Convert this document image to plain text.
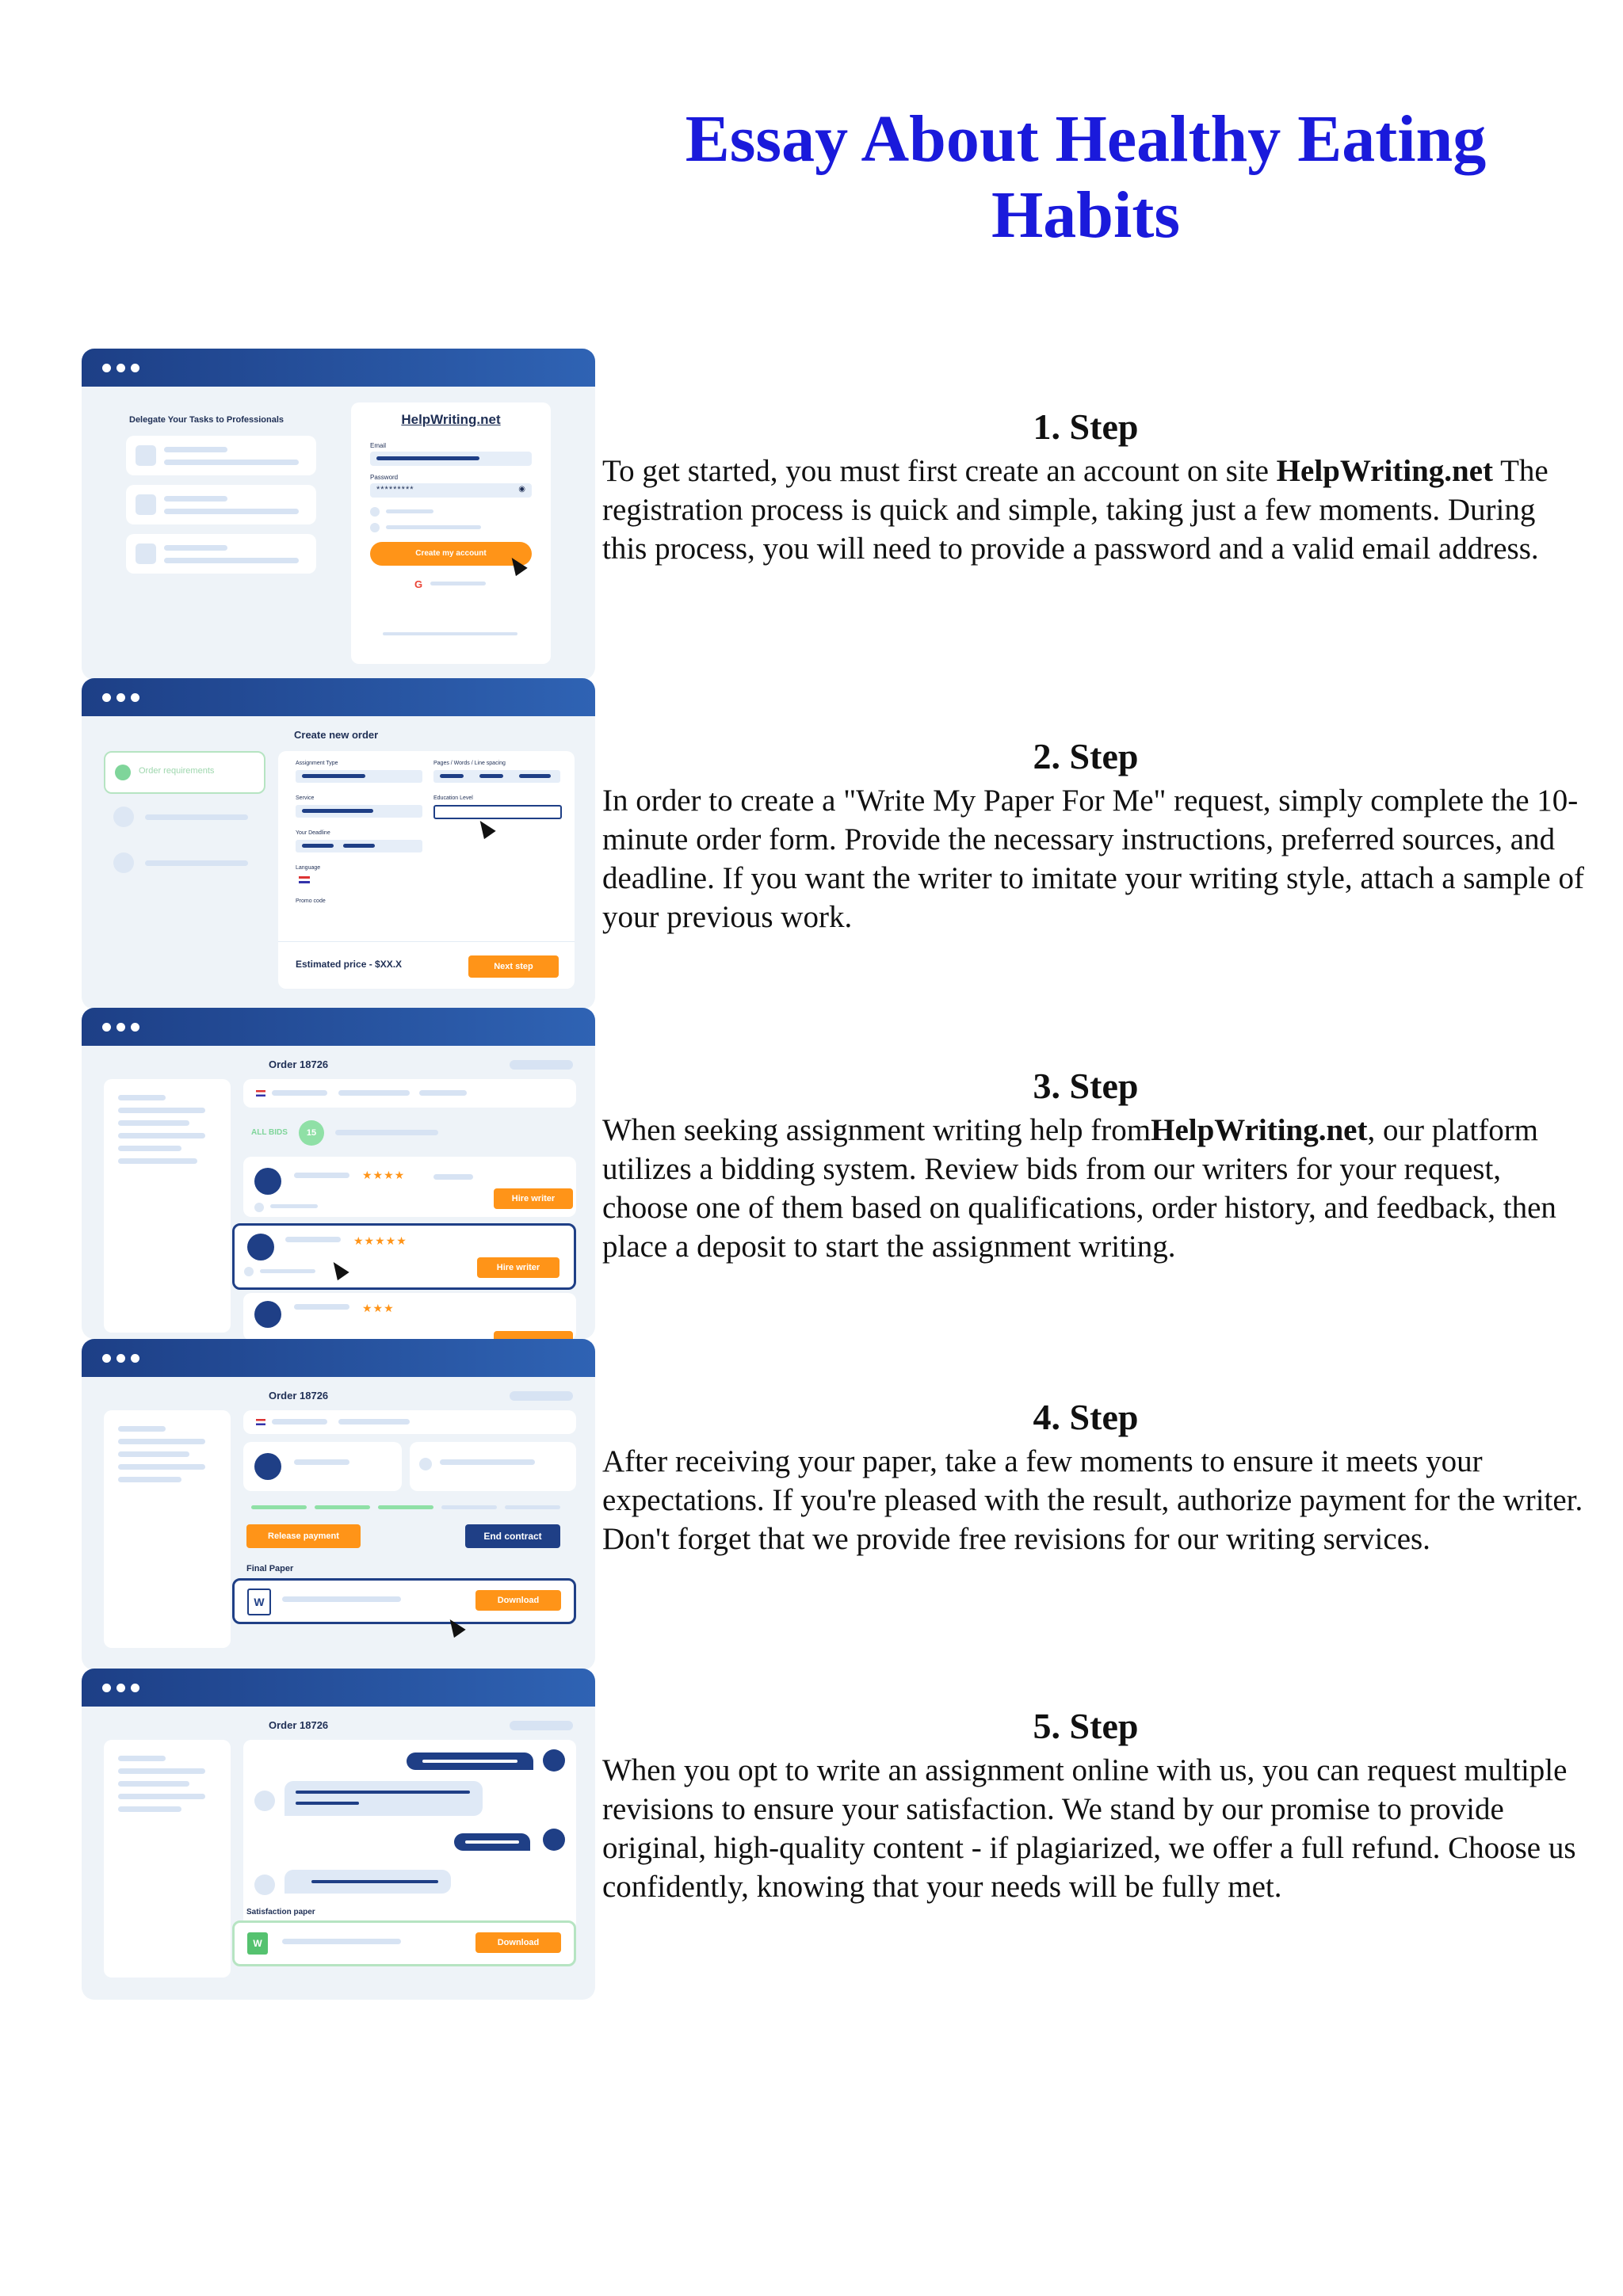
Essay About Healthy Eating Habits
Delegate Your Tasks to Professionals	HelpWriting.net
Email
Password
*********	◉
Create my account
G
Create new order
Order requirements
Assignment Type	Pages / Words / Line spacing
Service	Education Level
Your Deadline
Language
Promo code
Estimated price - $XX.X	Next step
Order 18726
ALL BIDS	15
★★★★
Hire writer
★★★★★
Hire writer
★★★
Order 18726
Release payment	End contract
Final Paper
W	Download
Order 18726
Satisfaction paper
W	Download
1. Step

To get started, you must first create an account on site HelpWriting.net The registration process is quick and simple, taking just a few moments. During this process, you will need to provide a password and a valid email address.

2. Step

In order to create a "Write My Paper For Me" request, simply complete the 10-minute order form. Provide the necessary instructions, preferred sources, and deadline. If you want the writer to imitate your writing style, attach a sample of your previous work.

3. Step

When seeking assignment writing help fromHelpWriting.net, our platform utilizes a bidding system. Review bids from our writers for your request, choose one of them based on qualifications, order history, and feedback, then place a deposit to start the assignment writing.

4. Step

After receiving your paper, take a few moments to ensure it meets your expectations. If you're pleased with the result, authorize payment for the writer. Don't forget that we provide free revisions for our writing services.

5. Step

When you opt to write an assignment online with us, you can request multiple revisions to ensure your satisfaction. We stand by our promise to provide original, high-quality content - if plagiarized, we offer a full refund. Choose us confidently, knowing that your needs will be fully met.
